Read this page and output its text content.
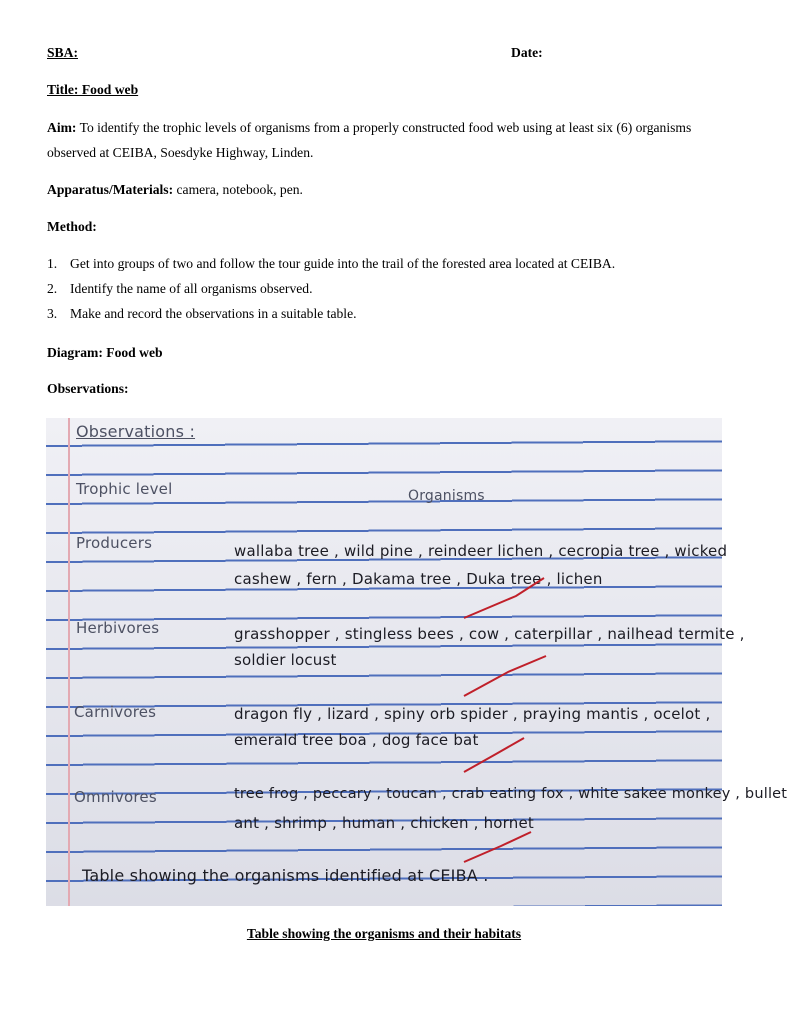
SBA:	Date:
Title: Food web
Aim: To identify the trophic levels of organisms from a properly constructed food web using at least six (6) organisms observed at CEIBA, Soesdyke Highway, Linden.
Apparatus/Materials: camera, notebook, pen.
Method:
1. Get into groups of two and follow the tour guide into the trail of the forested area located at CEIBA.
2. Identify the name of all organisms observed.
3. Make and record the observations in a suitable table.
Diagram: Food web
Observations:
Observations :
Trophic level	Organisms
Producers	wallaba tree , wild pine , reindeer lichen , cecropia tree , wicked
cashew , fern , Dakama tree , Duka tree , lichen
Herbivores	grasshopper , stingless bees , cow , caterpillar , nailhead termite ,
soldier locust
Carnivores	dragon fly , lizard , spiny orb spider , praying mantis , ocelot ,
emerald tree boa , dog face bat
Omnivores	tree frog , peccary , toucan , crab eating fox , white sakee monkey , bullet
ant , shrimp , human , chicken , hornet
Table showing the organisms identified at CEIBA .
Table showing the organisms and their habitats
